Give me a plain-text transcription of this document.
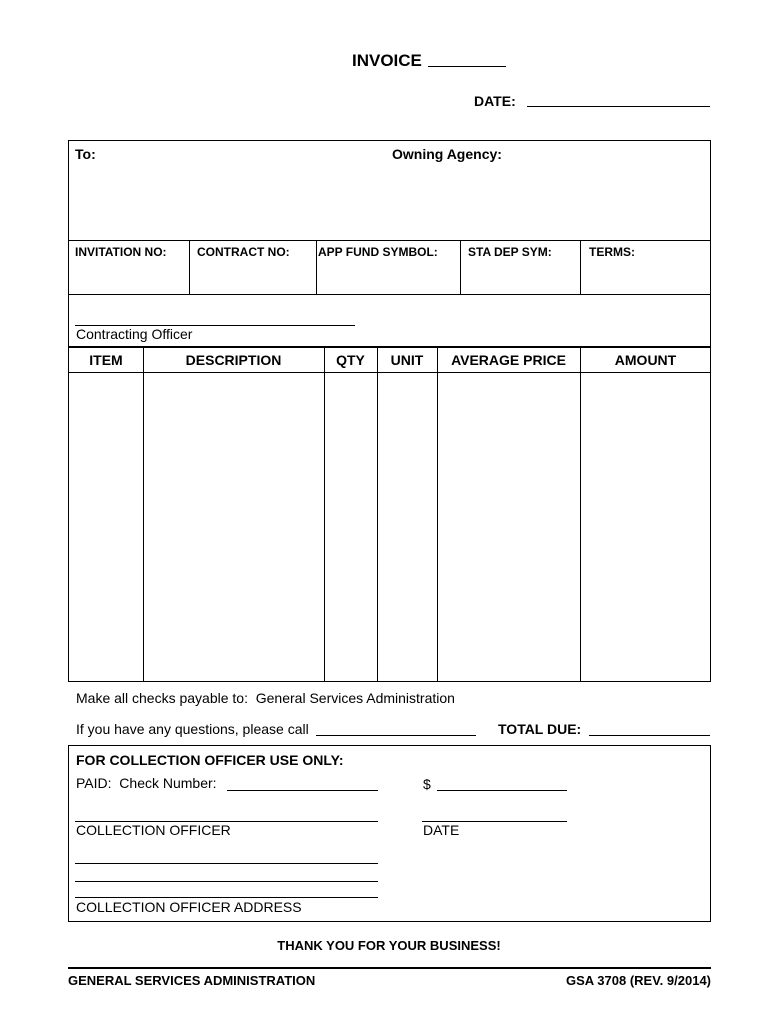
INVOICE
DATE:
To:	Owning Agency:
INVITATION NO:	CONTRACT NO: APP FUND SYMBOL:	STA DEP SYM:	TERMS:
Contracting Officer
ITEM	DESCRIPTION	QTY	UNIT	AVERAGE PRICE	AMOUNT
Make all checks payable to:  General Services Administration
If you have any questions, please call	TOTAL DUE:
FOR COLLECTION OFFICER USE ONLY:
PAID:  Check Number:	$
COLLECTION OFFICER	DATE
COLLECTION OFFICER ADDRESS
THANK YOU FOR YOUR BUSINESS!
GENERAL SERVICES ADMINISTRATION	GSA 3708 (REV. 9/2014)
